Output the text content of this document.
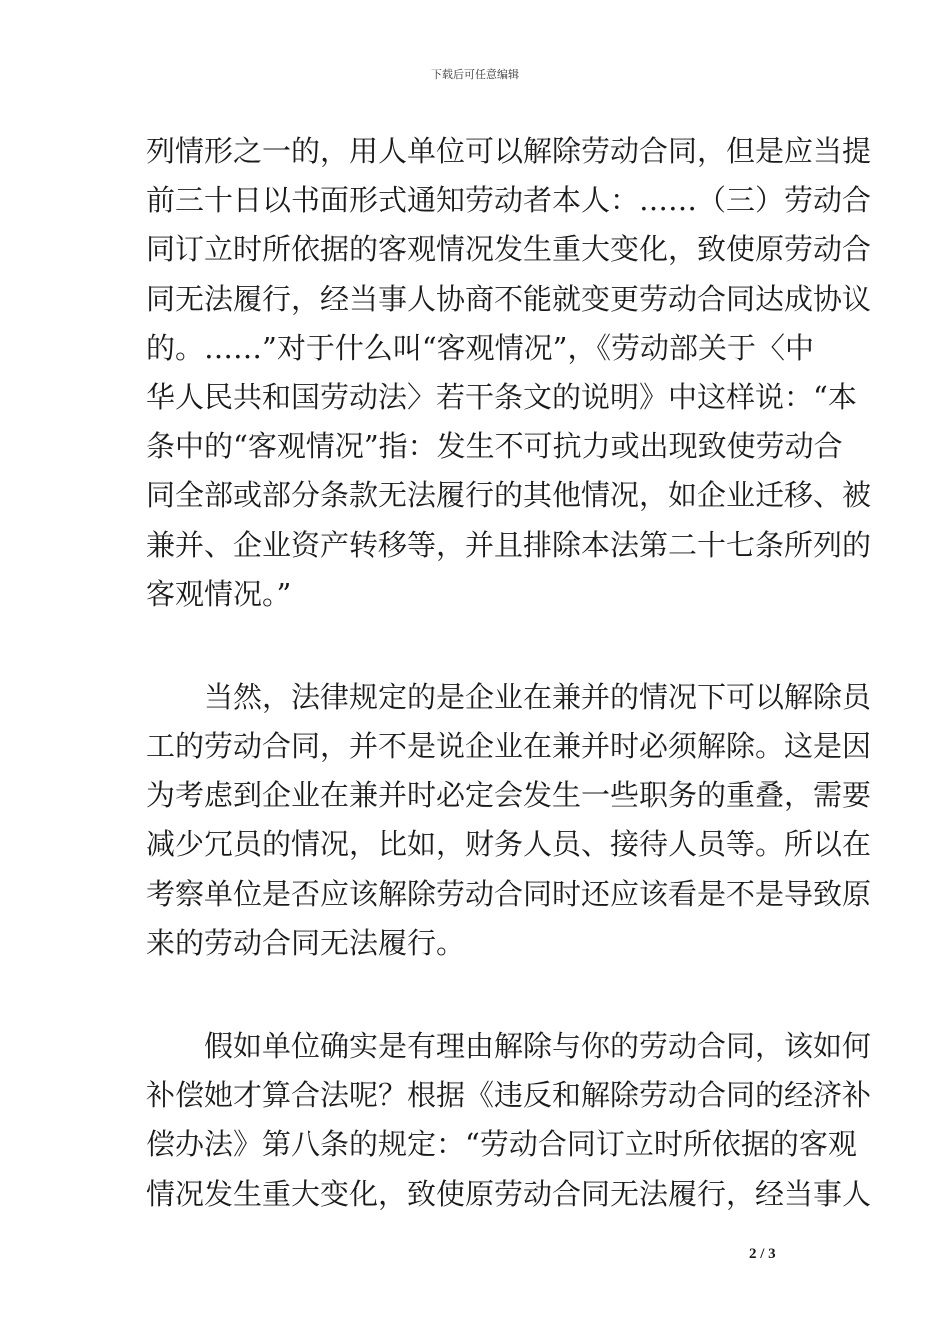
下载后可任意编辑
列情形之一的，用人单位可以解除劳动合同，但是应当提
前三十日以书面形式通知劳动者本人：……（三）劳动合
同订立时所依据的客观情况发生重大变化，致使原劳动合
同无法履行，经当事人协商不能就变更劳动合同达成协议
的。……”对于什么叫“客观情况”，《劳动部关于〈中
华人民共和国劳动法〉若干条文的说明》中这样说：“本
条中的“客观情况”指：发生不可抗力或出现致使劳动合
同全部或部分条款无法履行的其他情况，如企业迁移、被
兼并、企业资产转移等，并且排除本法第二十七条所列的
客观情况。”
　　当然，法律规定的是企业在兼并的情况下可以解除员
工的劳动合同，并不是说企业在兼并时必须解除。这是因
为考虑到企业在兼并时必定会发生一些职务的重叠，需要
减少冗员的情况，比如，财务人员、接待人员等。所以在
考察单位是否应该解除劳动合同时还应该看是不是导致原
来的劳动合同无法履行。
　　假如单位确实是有理由解除与你的劳动合同，该如何
补偿她才算合法呢？根据《违反和解除劳动合同的经济补
偿办法》第八条的规定：“劳动合同订立时所依据的客观
情况发生重大变化，致使原劳动合同无法履行，经当事人
2 / 3
